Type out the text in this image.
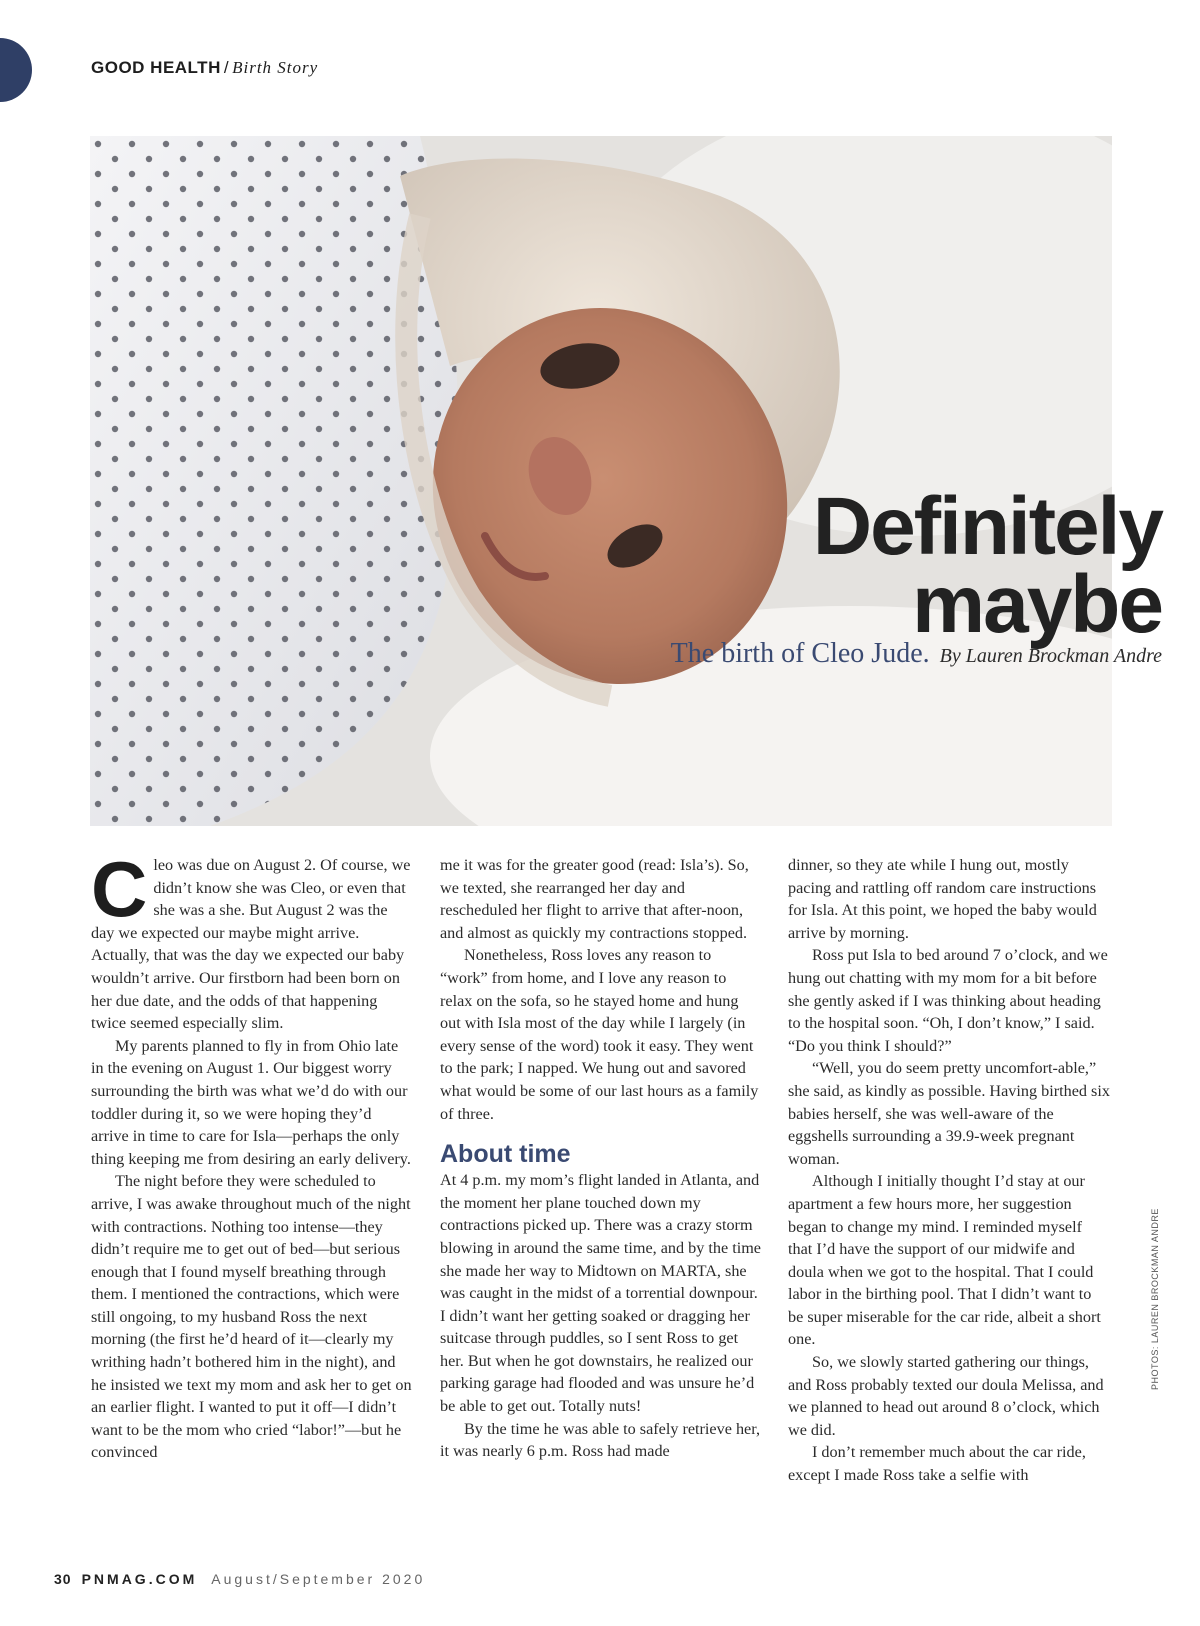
GOOD HEALTH / Birth Story
Definitely
maybe
The birth of Cleo Jude. By Lauren Brockman Andre

Cleo was due on August 2. Of course, we didn’t know she was Cleo, or even that she was a she. But August 2 was the day we expected our maybe might arrive. Actually, that was the day we expected our baby wouldn’t arrive. Our firstborn had been born on her due date, and the odds of that happening twice seemed especially slim.

My parents planned to fly in from Ohio late in the evening on August 1. Our biggest worry surrounding the birth was what we’d do with our toddler during it, so we were hoping they’d arrive in time to care for Isla—perhaps the only thing keeping me from desiring an early delivery.

The night before they were scheduled to arrive, I was awake throughout much of the night with contractions. Nothing too intense—they didn’t require me to get out of bed—but serious enough that I found myself breathing through them. I mentioned the contractions, which were still ongoing, to my husband Ross the next morning (the first he’d heard of it—clearly my writhing hadn’t bothered him in the night), and he insisted we text my mom and ask her to get on an earlier flight. I wanted to put it off—I didn’t want to be the mom who cried “labor!”—but he convinced

me it was for the greater good (read: Isla’s). So, we texted, she rearranged her day and rescheduled her flight to arrive that after-noon, and almost as quickly my contractions stopped.

Nonetheless, Ross loves any reason to “work” from home, and I love any reason to relax on the sofa, so he stayed home and hung out with Isla most of the day while I largely (in every sense of the word) took it easy. They went to the park; I napped. We hung out and savored what would be some of our last hours as a family of three.

About time

At 4 p.m. my mom’s flight landed in Atlanta, and the moment her plane touched down my contractions picked up. There was a crazy storm blowing in around the same time, and by the time she made her way to Midtown on MARTA, she was caught in the midst of a torrential downpour. I didn’t want her getting soaked or dragging her suitcase through puddles, so I sent Ross to get her. But when he got downstairs, he realized our parking garage had flooded and was unsure he’d be able to get out. Totally nuts!

By the time he was able to safely retrieve her, it was nearly 6 p.m. Ross had made

dinner, so they ate while I hung out, mostly pacing and rattling off random care instructions for Isla. At this point, we hoped the baby would arrive by morning.

Ross put Isla to bed around 7 o’clock, and we hung out chatting with my mom for a bit before she gently asked if I was thinking about heading to the hospital soon. “Oh, I don’t know,” I said. “Do you think I should?”

“Well, you do seem pretty uncomfort-able,” she said, as kindly as possible. Having birthed six babies herself, she was well-aware of the eggshells surrounding a 39.9-week pregnant woman.

Although I initially thought I’d stay at our apartment a few hours more, her suggestion began to change my mind. I reminded myself that I’d have the support of our midwife and doula when we got to the hospital. That I could labor in the birthing pool. That I didn’t want to be super miserable for the car ride, albeit a short one.

So, we slowly started gathering our things, and Ross probably texted our doula Melissa, and we planned to head out around 8 o’clock, which we did.

I don’t remember much about the car ride, except I made Ross take a selfie with

PHOTOS: LAUREN BROCKMAN ANDRE
30 PNMAG.COM August/September 2020
